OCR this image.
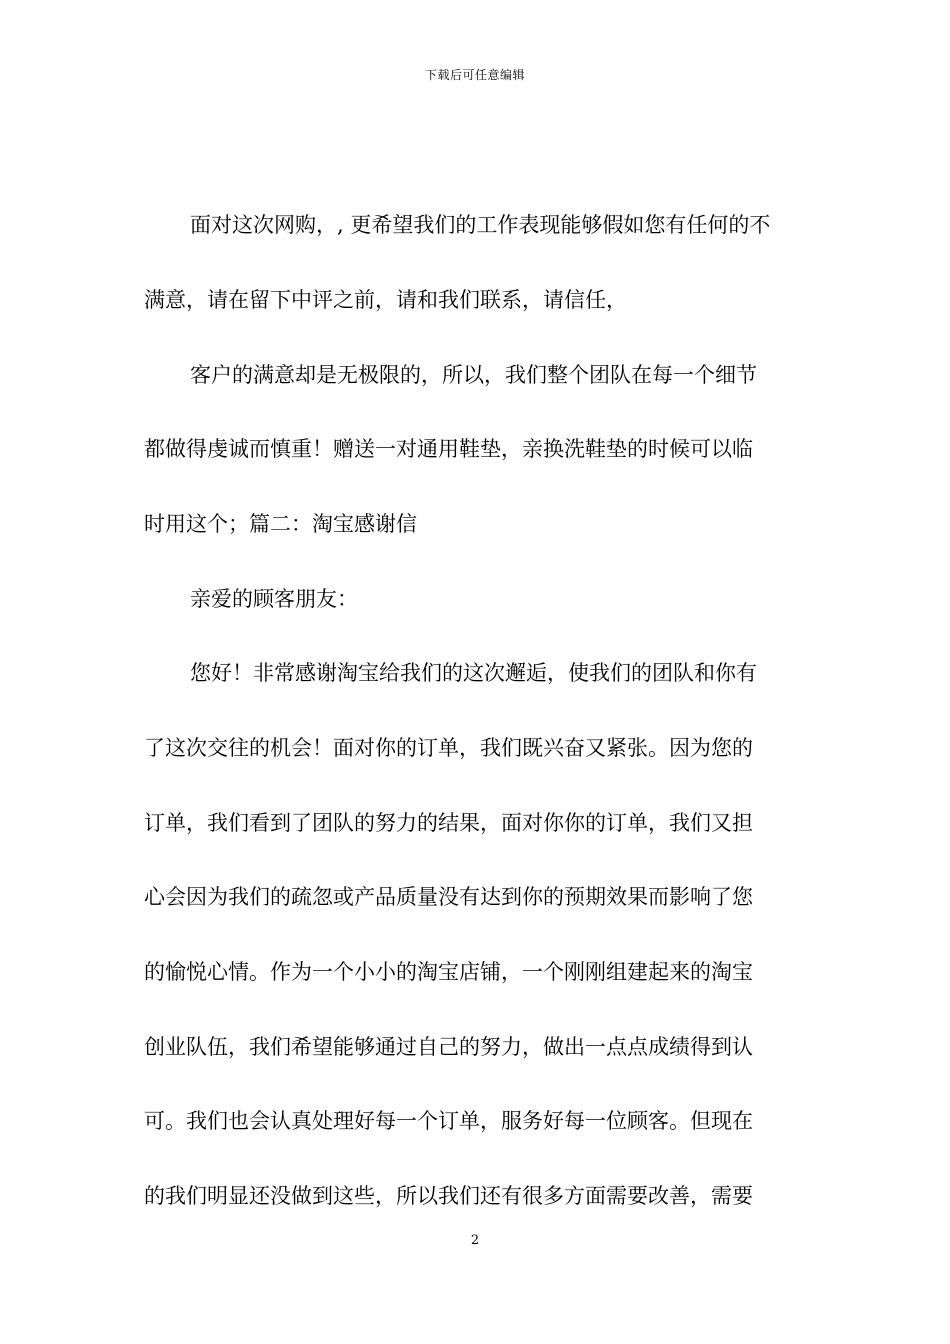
下载后可任意编辑
面对这次网购，, 更希望我们的工作表现能够假如您有任何的不
满意，请在留下中评之前，请和我们联系，请信任，
客户的满意却是无极限的，所以，我们整个团队在每一个细节
都做得虔诚而慎重！赠送一对通用鞋垫，亲换洗鞋垫的时候可以临
时用这个；篇二：淘宝感谢信
亲爱的顾客朋友：
您好！非常感谢淘宝给我们的这次邂逅，使我们的团队和你有
了这次交往的机会！面对你的订单，我们既兴奋又紧张。因为您的
订单，我们看到了团队的努力的结果，面对你你的订单，我们又担
心会因为我们的疏忽或产品质量没有达到你的预期效果而影响了您
的愉悦心情。作为一个小小的淘宝店铺，一个刚刚组建起来的淘宝
创业队伍，我们希望能够通过自己的努力，做出一点点成绩得到认
可。我们也会认真处理好每一个订单，服务好每一位顾客。但现在
的我们明显还没做到这些，所以我们还有很多方面需要改善，需要
2
